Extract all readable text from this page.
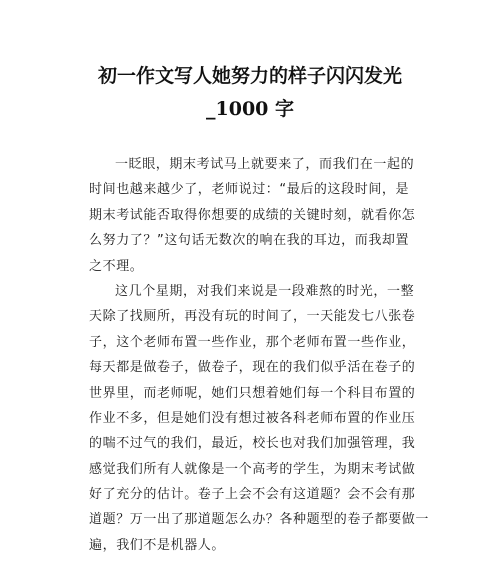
初一作文写人她努力的样子闪闪发光
_1000 字
一眨眼，期末考试马上就要来了，而我们在一起的
时间也越来越少了，老师说过：“最后的这段时间，是
期末考试能否取得你想要的成绩的关键时刻，就看你怎
么努力了？”这句话无数次的响在我的耳边，而我却置
之不理。
这几个星期，对我们来说是一段难熬的时光，一整
天除了找厕所，再没有玩的时间了，一天能发七八张卷
子，这个老师布置一些作业，那个老师布置一些作业，
每天都是做卷子，做卷子，现在的我们似乎活在卷子的
世界里，而老师呢，她们只想着她们每一个科目布置的
作业不多，但是她们没有想过被各科老师布置的作业压
的喘不过气的我们，最近，校长也对我们加强管理，我
感觉我们所有人就像是一个高考的学生，为期末考试做
好了充分的估计。卷子上会不会有这道题？会不会有那
道题？万一出了那道题怎么办？各种题型的卷子都要做一
遍，我们不是机器人。
